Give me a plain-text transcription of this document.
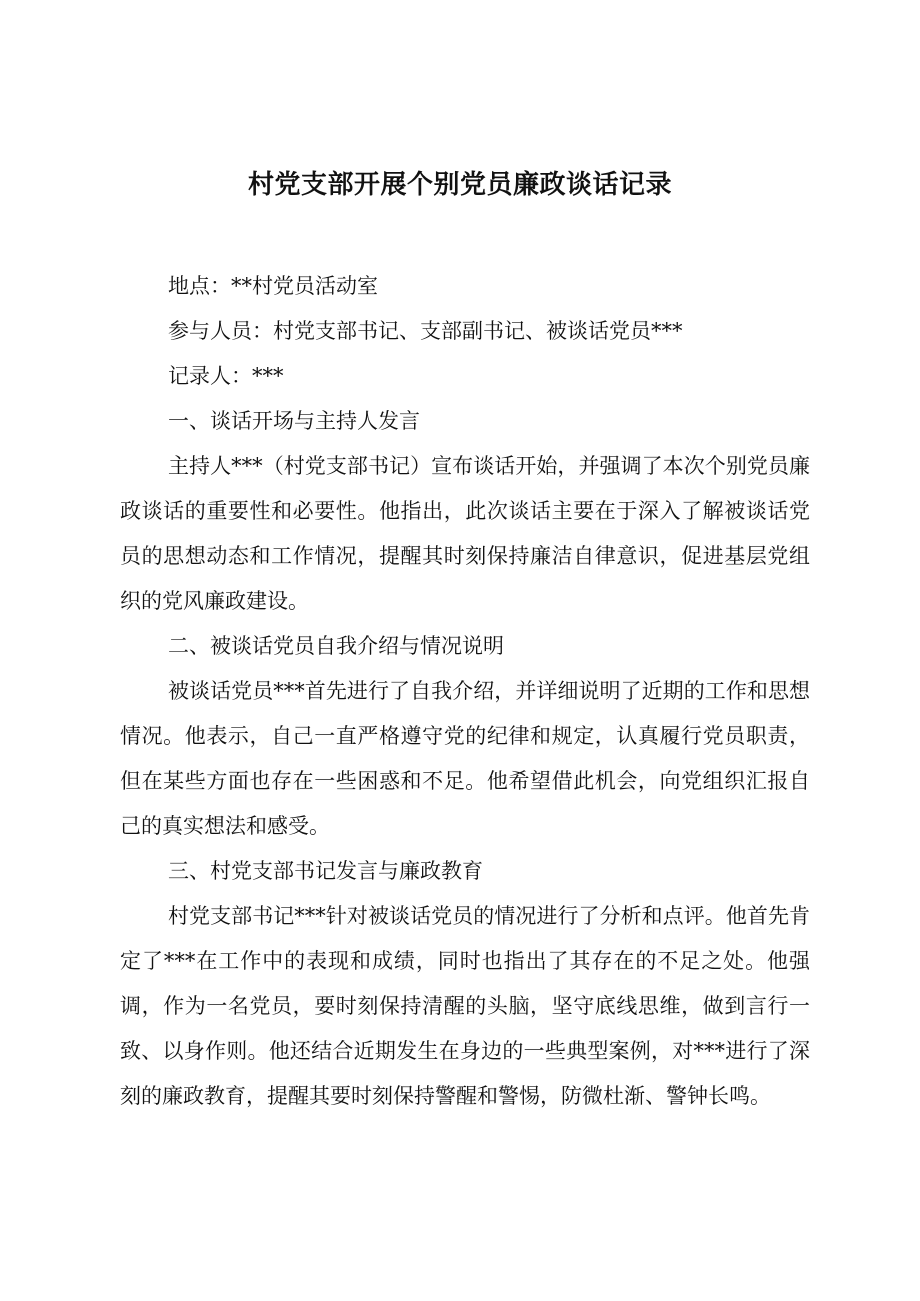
村党支部开展个别党员廉政谈话记录
地点：**村党员活动室
参与人员：村党支部书记、支部副书记、被谈话党员***
记录人：***
一、谈话开场与主持人发言

主持人***（村党支部书记）宣布谈话开始，并强调了本次个别党员廉政谈话的重要性和必要性。他指出，此次谈话主要在于深入了解被谈话党员的思想动态和工作情况，提醒其时刻保持廉洁自律意识，促进基层党组织的党风廉政建设。

二、被谈话党员自我介绍与情况说明

被谈话党员***首先进行了自我介绍，并详细说明了近期的工作和思想情况。他表示，自己一直严格遵守党的纪律和规定，认真履行党员职责，但在某些方面也存在一些困惑和不足。他希望借此机会，向党组织汇报自己的真实想法和感受。

三、村党支部书记发言与廉政教育

村党支部书记***针对被谈话党员的情况进行了分析和点评。他首先肯定了***在工作中的表现和成绩，同时也指出了其存在的不足之处。他强调，作为一名党员，要时刻保持清醒的头脑，坚守底线思维，做到言行一致、以身作则。他还结合近期发生在身边的一些典型案例，对***进行了深刻的廉政教育，提醒其要时刻保持警醒和警惕，防微杜渐、警钟长鸣。
